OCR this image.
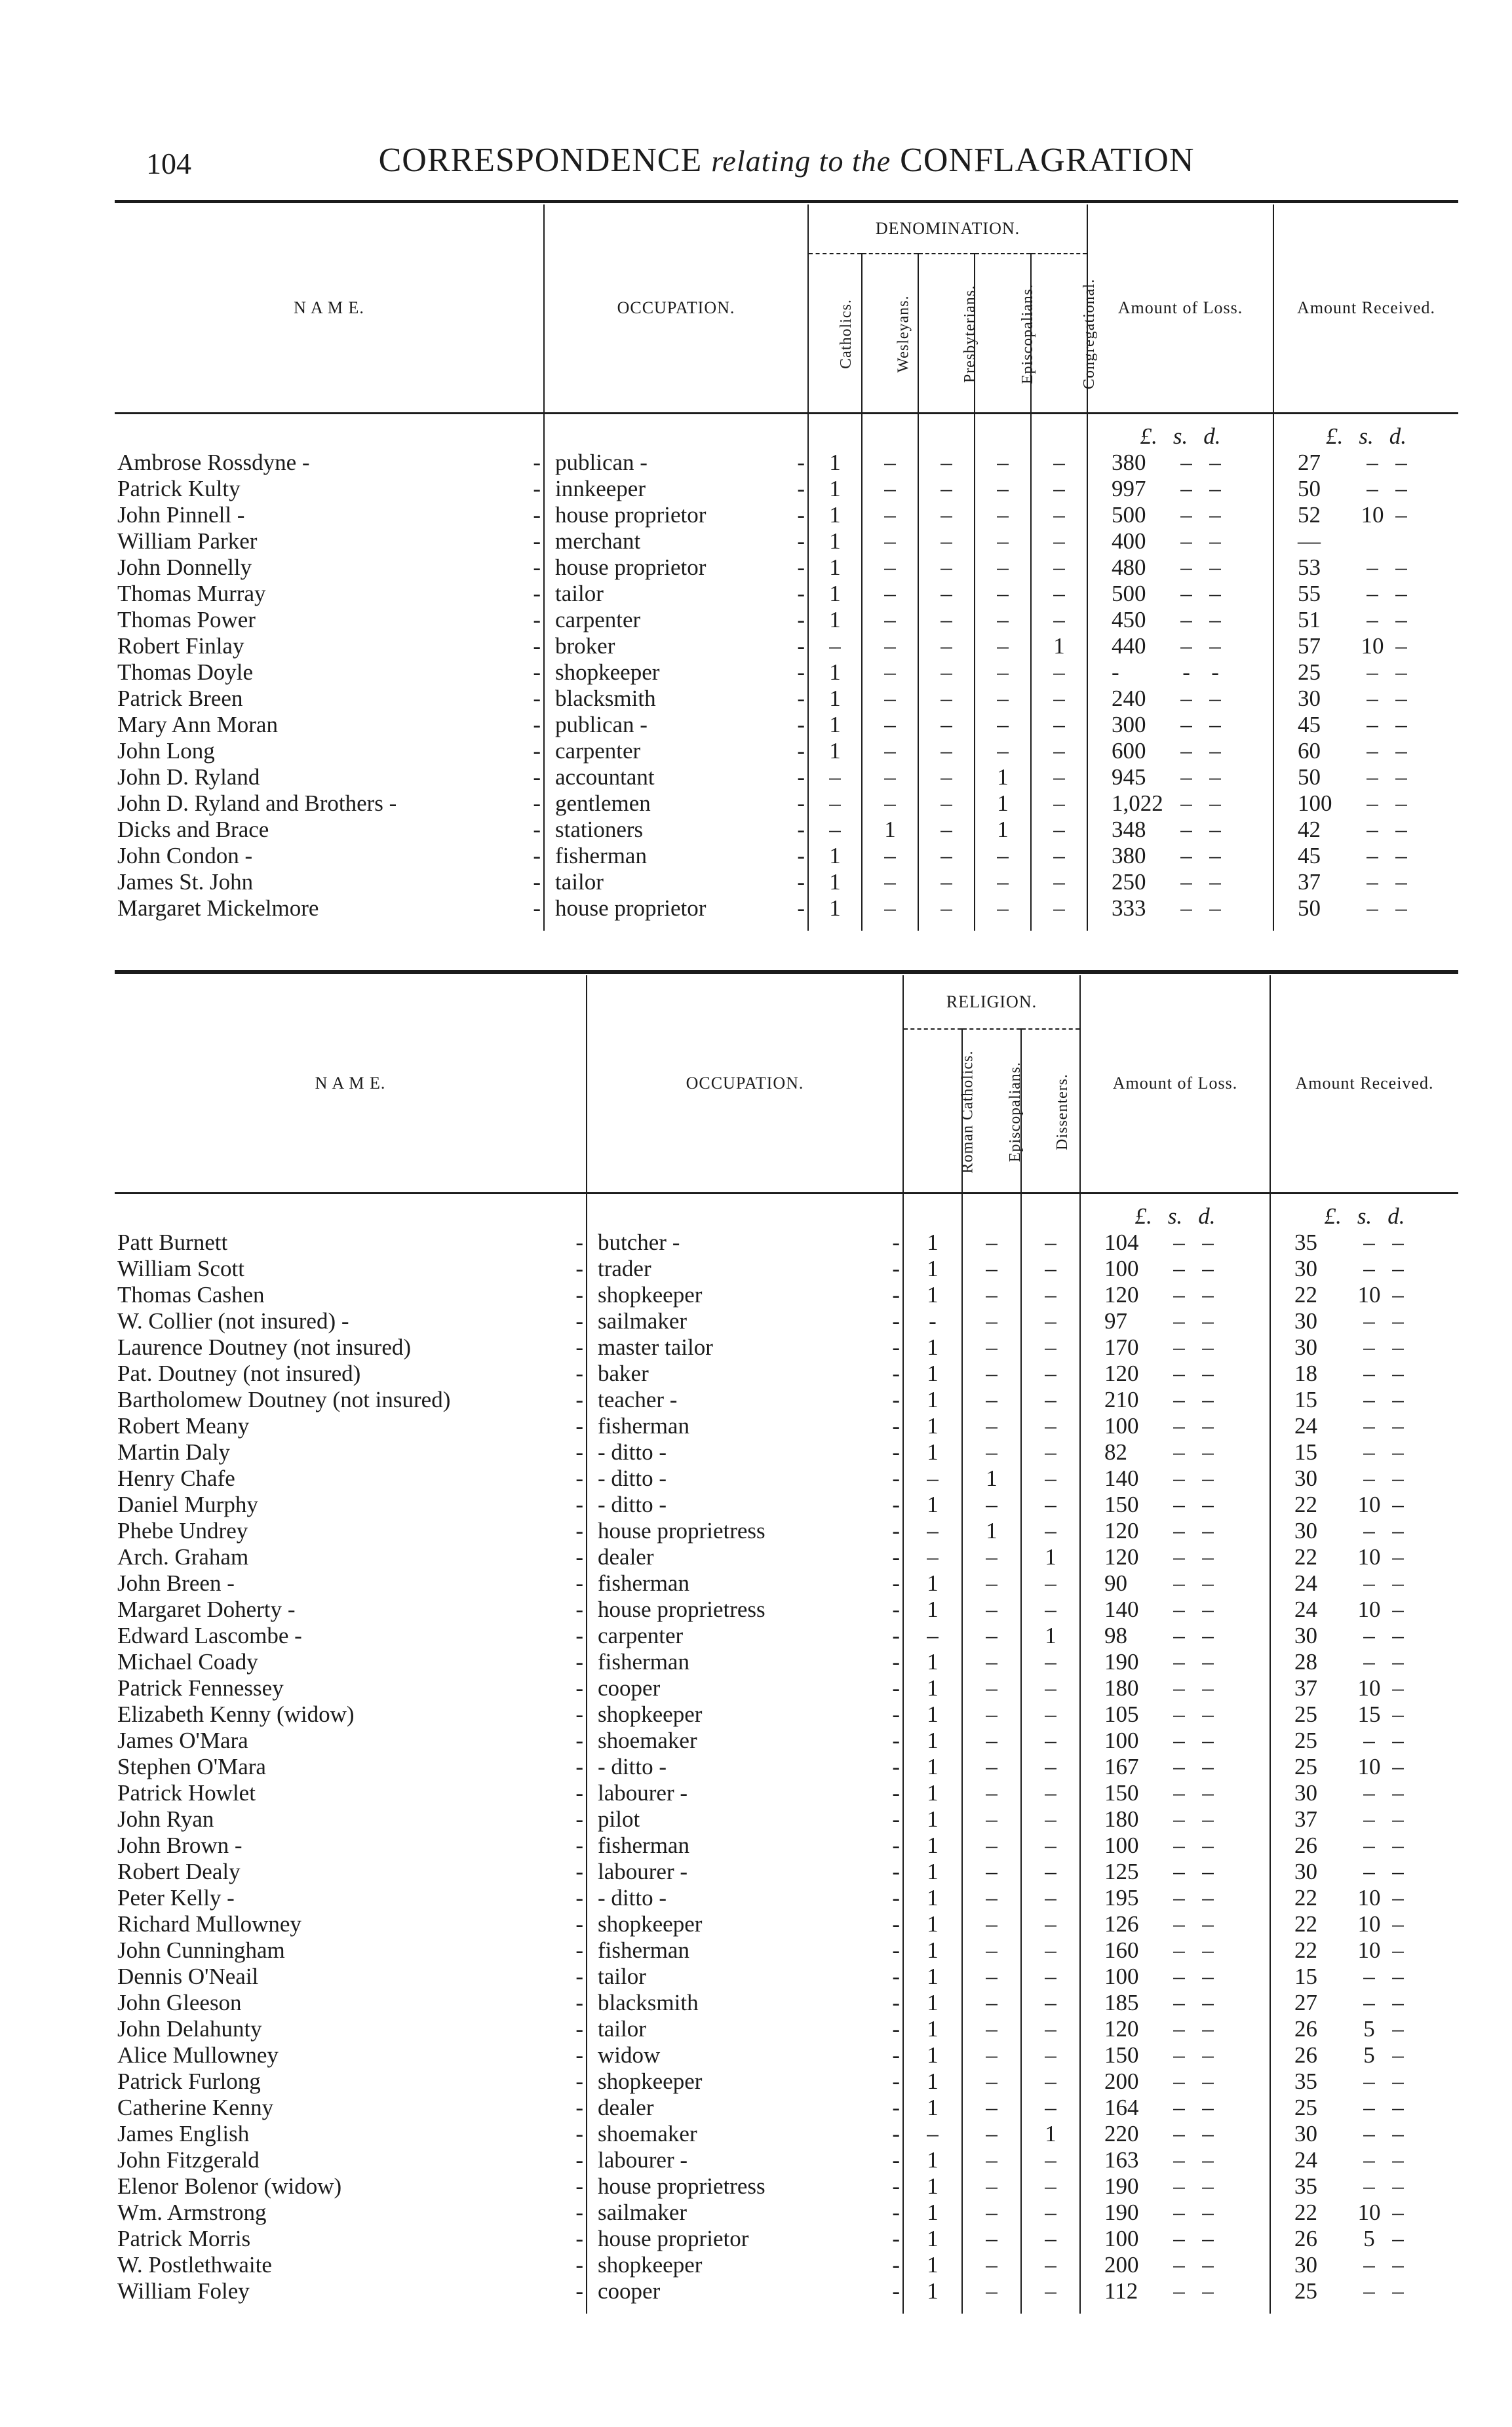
104	CORRESPONDENCE relating to the CONFLAGRATION
N A M E.	OCCUPATION.	DENOMINATION.					Amount of Loss.	Amount Received.
		Catholics.	Wesleyans.	Presbyterians.	Episcopalians.	Congregational.		
							£. s. d.	£. s. d.
Ambrose Rossdyne - -	publican - -	1	–	–	–	–	380 – –	27 – –
Patrick Kulty -	innkeeper -	1	–	–	–	–	997 – –	50 – –
John Pinnell - -	house proprietor -	1	–	–	–	–	500 – –	52 10 –
William Parker -	merchant -	1	–	–	–	–	400 – –	—
John Donnelly -	house proprietor -	1	–	–	–	–	480 – –	53 – –
Thomas Murray -	tailor -	1	–	–	–	–	500 – –	55 – –
Thomas Power -	carpenter -	1	–	–	–	–	450 – –	51 – –
Robert Finlay -	broker -	–	–	–	–	1	440 – –	57 10 –
Thomas Doyle -	shopkeeper -	1	–	–	–	–	- - -	25 – –
Patrick Breen -	blacksmith -	1	–	–	–	–	240 – –	30 – –
Mary Ann Moran -	publican - -	1	–	–	–	–	300 – –	45 – –
John Long -	carpenter -	1	–	–	–	–	600 – –	60 – –
John D. Ryland -	accountant -	–	–	–	1	–	945 – –	50 – –
John D. Ryland and Brothers - -	gentlemen -	–	–	–	1	–	1,022 – –	100 – –
Dicks and Brace -	stationers -	–	1	–	1	–	348 – –	42 – –
John Condon - -	fisherman -	1	–	–	–	–	380 – –	45 – –
James St. John -	tailor -	1	–	–	–	–	250 – –	37 – –
Margaret Mickelmore -	house proprietor -	1	–	–	–	–	333 – –	50 – –

N A M E.	OCCUPATION.	RELIGION.			Amount of Loss.	Amount Received.
		Roman Catholics.	Episcopalians.	Dissenters.		
					£. s. d.	£. s. d.
Patt Burnett -	butcher - -	1	–	–	104 – –	35 – –
William Scott -	trader -	1	–	–	100 – –	30 – –
Thomas Cashen -	shopkeeper -	1	–	–	120 – –	22 10 –
W. Collier (not insured) - -	sailmaker -	-	–	–	97 – –	30 – –
Laurence Doutney (not insured) -	master tailor -	1	–	–	170 – –	30 – –
Pat. Doutney (not insured) -	baker -	1	–	–	120 – –	18 – –
Bartholomew Doutney (not insured) -	teacher - -	1	–	–	210 – –	15 – –
Robert Meany -	fisherman -	1	–	–	100 – –	24 – –
Martin Daly -	- ditto - -	1	–	–	82 – –	15 – –
Henry Chafe -	- ditto - -	–	1	–	140 – –	30 – –
Daniel Murphy -	- ditto - -	1	–	–	150 – –	22 10 –
Phebe Undrey -	house proprietress -	–	1	–	120 – –	30 – –
Arch. Graham -	dealer -	–	–	1	120 – –	22 10 –
John Breen - -	fisherman -	1	–	–	90 – –	24 – –
Margaret Doherty - -	house proprietress -	1	–	–	140 – –	24 10 –
Edward Lascombe - -	carpenter -	–	–	1	98 – –	30 – –
Michael Coady -	fisherman -	1	–	–	190 – –	28 – –
Patrick Fennessey -	cooper -	1	–	–	180 – –	37 10 –
Elizabeth Kenny (widow) -	shopkeeper -	1	–	–	105 – –	25 15 –
James O'Mara -	shoemaker -	1	–	–	100 – –	25 – –
Stephen O'Mara -	- ditto - -	1	–	–	167 – –	25 10 –
Patrick Howlet -	labourer - -	1	–	–	150 – –	30 – –
John Ryan -	pilot -	1	–	–	180 – –	37 – –
John Brown - -	fisherman -	1	–	–	100 – –	26 – –
Robert Dealy -	labourer - -	1	–	–	125 – –	30 – –
Peter Kelly - -	- ditto - -	1	–	–	195 – –	22 10 –
Richard Mullowney -	shopkeeper -	1	–	–	126 – –	22 10 –
John Cunningham -	fisherman -	1	–	–	160 – –	22 10 –
Dennis O'Neail -	tailor -	1	–	–	100 – –	15 – –
John Gleeson -	blacksmith -	1	–	–	185 – –	27 – –
John Delahunty -	tailor -	1	–	–	120 – –	26 5 –
Alice Mullowney -	widow -	1	–	–	150 – –	26 5 –
Patrick Furlong -	shopkeeper -	1	–	–	200 – –	35 – –
Catherine Kenny -	dealer -	1	–	–	164 – –	25 – –
James English -	shoemaker -	–	–	1	220 – –	30 – –
John Fitzgerald -	labourer - -	1	–	–	163 – –	24 – –
Elenor Bolenor (widow) -	house proprietress -	1	–	–	190 – –	35 – –
Wm. Armstrong -	sailmaker -	1	–	–	190 – –	22 10 –
Patrick Morris -	house proprietor -	1	–	–	100 – –	26 5 –
W. Postlethwaite -	shopkeeper -	1	–	–	200 – –	30 – –
William Foley -	cooper -	1	–	–	112 – –	25 – –
